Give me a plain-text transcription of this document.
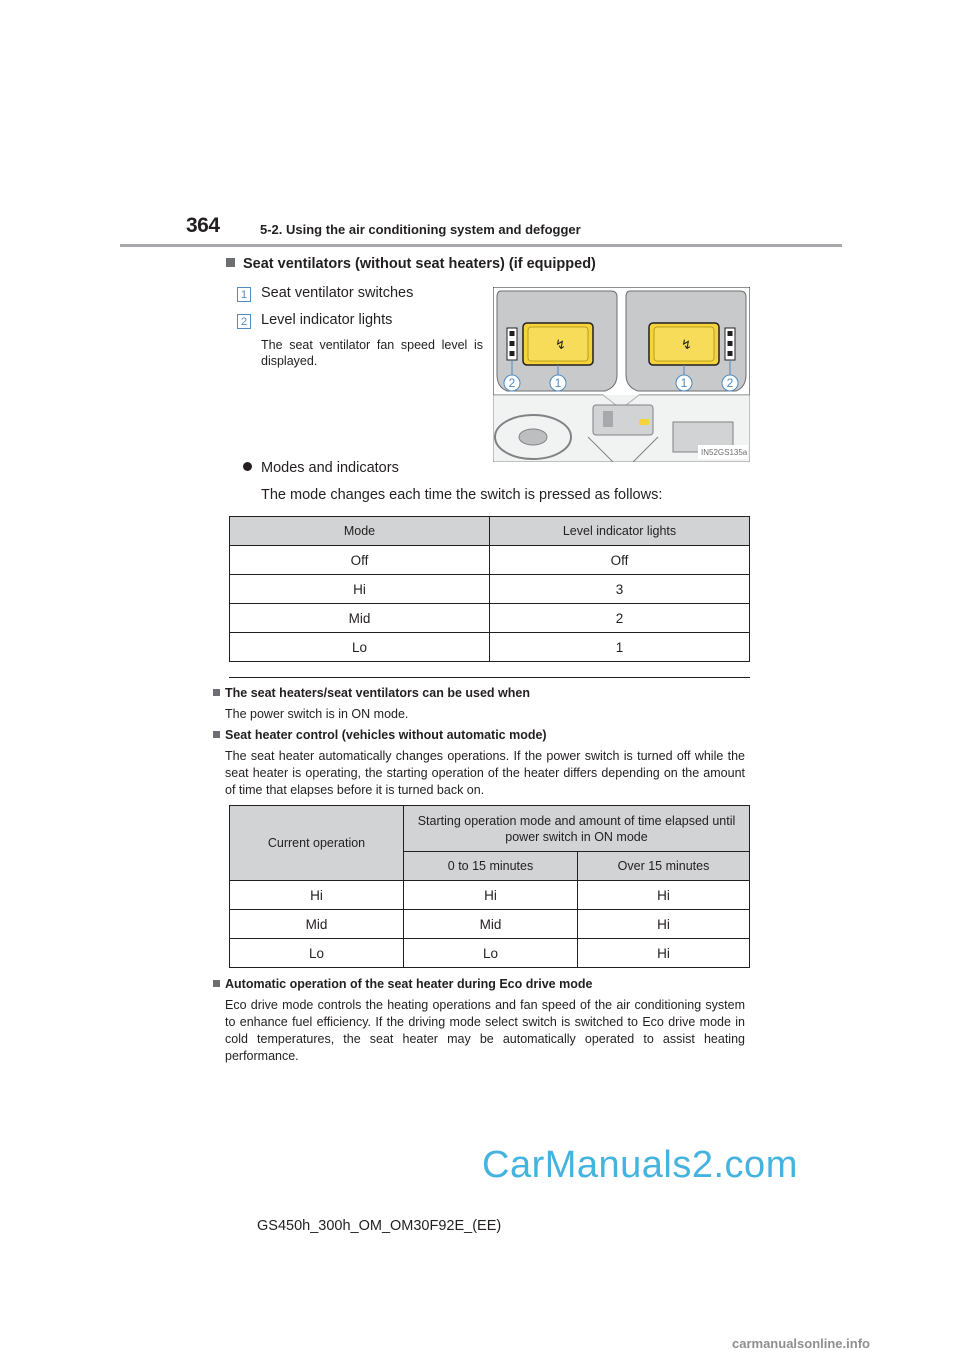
364	5-2. Using the air conditioning system and defogger
Seat ventilators (without seat heaters) (if equipped)
1 Seat ventilator switches
2 Level indicator lights
The seat ventilator fan speed level is displayed.
↯	↯
2	1	1	2
IN52GS135a
Modes and indicators
The mode changes each time the switch is pressed as follows:
Mode	Level indicator lights
Off	Off
Hi	3
Mid	2
Lo	1
The seat heaters/seat ventilators can be used when
The power switch is in ON mode.
Seat heater control (vehicles without automatic mode)
The seat heater automatically changes operations. If the power switch is turned off while the seat heater is operating, the starting operation of the heater differs depending on the amount of time that elapses before it is turned back on.
Current operation	Starting operation mode and amount of time elapsed until power switch in ON mode	
	0 to 15 minutes	Over 15 minutes
Hi	Hi	Hi
Mid	Mid	Hi
Lo	Lo	Hi
Automatic operation of the seat heater during Eco drive mode
Eco drive mode controls the heating operations and fan speed of the air conditioning system to enhance fuel efficiency. If the driving mode select switch is switched to Eco drive mode in cold temperatures, the seat heater may be automatically operated to assist heating performance.
CarManuals2.com
GS450h_300h_OM_OM30F92E_(EE)
carmanualsonline.info
